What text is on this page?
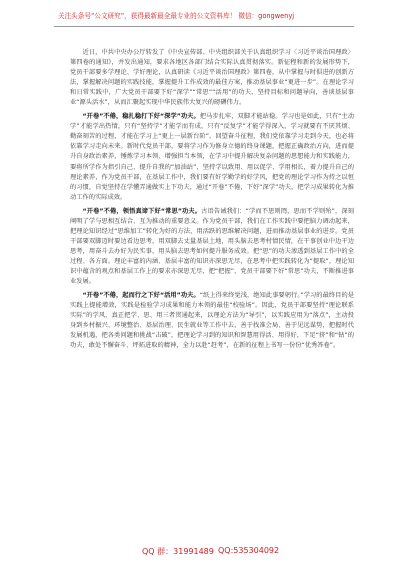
关注头条号“公文研究”，获得最新最全最专业的公文资料库！ 微信：gongwenyj

近日，中共中央办公厅转发了《中央宣传部、中央组织部关于认真组织学习〈习近平谈治国理政〉第四卷的通知》，并发出通知，要求各地区各部门结合实际认真贯彻落实。新征程和新的发展形势下，党员干部要多学理论、学好理论，认真研读《习近平谈治国理政》第四卷，从中掌握与时俱进的创新方法，掌握解决问题的实践技能，掌握提升工作成效的最佳方案，推动基层事业“更进一步”。在理论学习和日常实践中，广大党员干部要下好“深学”“常思”“活用”的功夫，坚持目标和问题导向，善谈基层事业“源头活水”，从而汇聚起实现中华民族伟大复兴的磅礴伟力。

“开卷”不倦，稳扎稳打下好“深学”功夫。把马步扎牢，双脚才能站稳。学习也是如此，只有“主动学”才能学出热情，只有“坚持学”才能学而有成，只有“反复学”才能学得深入，学习就要有不厌其烦、勤奋刻苦的过程，才能在学习上“更上一层新台阶”。回望奋斗征程，我们党依靠学习走到今天，也必将依靠学习走向未来。新时代党员干部，要将学习作为修身立德的终身课题，把握正确政治方向，进而提升自身政治素养，锤炼学习本领、增强担当本领，在学习中提升解决复杂问题的思想能力和实践能力，要将所学作为指引自己、提升自我的“加油站”，坚持学以致用、用以促学、学用相长，着力提升自己的理论素养，作为党员干部，在基层工作中，我们要有好学勤学的好学风，把党的理论学习作为持之以恒的习惯，自觉坚持在学懂弄通做实上下功夫，通过“开卷”不倦，下好“深学”功夫，把学习成果转化为推动工作的实际成效。

“开卷”不倦，领悟真谛下好“常思”功夫。古语告诫我们：“学而不思则罔，思而不学则殆”，深刻阐明了学与思相互结合、互为推动的重要意义。作为党员干部，我们在工作实践中要把脑力调动起来，把理论知识经过“思维加工”转化为好的方法，用活跃的思维解决问题，进而推动基层事业的进步。党员干部要双脚迈时要边看边思考，用双脚去丈量基层土地，用头脑去思考村情民情，在干事创业中边干边思考，用奋斗去办好为民实事，用头脑去思考如何提升服务成效。把“思”的功夫渗透到基层工作中的全过程、各方面。理论丰富的内涵、基层丰富的知识亦深思无尽，在思考中把实践转化为“提取”，理论知识中蕴含的观点和基层工作上的要求亦深思无尽，把“把握”，党员干部要下好“常思”功夫，不断推进事业发展。

“开卷”不倦，起而行之下好“活用”功夫。“纸上得来终觉浅，绝知此事要躬行。”学习的最终目的是实践上提能增效，实践是检验学习成果和能力本领的最佳“校验场”。因此，党员干部要坚持“理论联系实际”的学风，真正把学、思、用三者贯通起来，以理论方法为“导引”，以实践应用为“落点”，主动投身到乡村振兴、环境整治、基层治理、民生就业等工作中去，善于找准会局、善于见远谋势，把握时代发展机遇，把各类问题和挑战“击破”，把理论学习到的知识和智慧用得活、用得好，下足“挤”和“钻”的功夫，敢处不懈奋斗、坪拓进取的精神，全力以赴“赶考”，在新的征程上书写一份份“优秀答卷”。

QQ 群：31991489 QQ:535304092
